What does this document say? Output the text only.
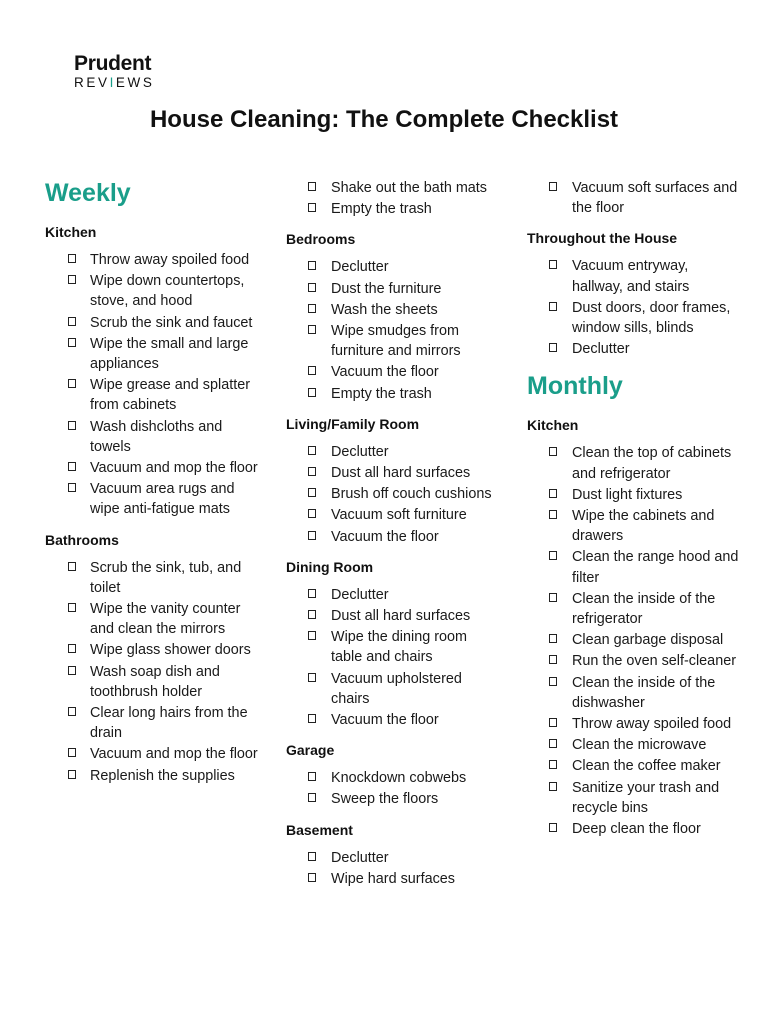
Prudent
REVIEWS
House Cleaning: The Complete Checklist
Weekly
Kitchen
Throw away spoiled food
Wipe down countertops, stove, and hood
Scrub the sink and faucet
Wipe the small and large appliances
Wipe grease and splatter from cabinets
Wash dishcloths and towels
Vacuum and mop the floor
Vacuum area rugs and wipe anti-fatigue mats
Bathrooms
Scrub the sink, tub, and toilet
Wipe the vanity counter and clean the mirrors
Wipe glass shower doors
Wash soap dish and toothbrush holder
Clear long hairs from the drain
Vacuum and mop the floor
Replenish the supplies
Shake out the bath mats
Empty the trash
Bedrooms
Declutter
Dust the furniture
Wash the sheets
Wipe smudges from furniture and mirrors
Vacuum the floor
Empty the trash
Living/Family Room
Declutter
Dust all hard surfaces
Brush off couch cushions
Vacuum soft furniture
Vacuum the floor
Dining Room
Declutter
Dust all hard surfaces
Wipe the dining room table and chairs
Vacuum upholstered chairs
Vacuum the floor
Garage
Knockdown cobwebs
Sweep the floors
Basement
Declutter
Wipe hard surfaces
Vacuum soft surfaces and the floor
Throughout the House
Vacuum entryway, hallway, and stairs
Dust doors, door frames, window sills, blinds
Declutter
Monthly
Kitchen
Clean the top of cabinets and refrigerator
Dust light fixtures
Wipe the cabinets and drawers
Clean the range hood and filter
Clean the inside of the refrigerator
Clean garbage disposal
Run the oven self-cleaner
Clean the inside of the dishwasher
Throw away spoiled food
Clean the microwave
Clean the coffee maker
Sanitize your trash and recycle bins
Deep clean the floor
